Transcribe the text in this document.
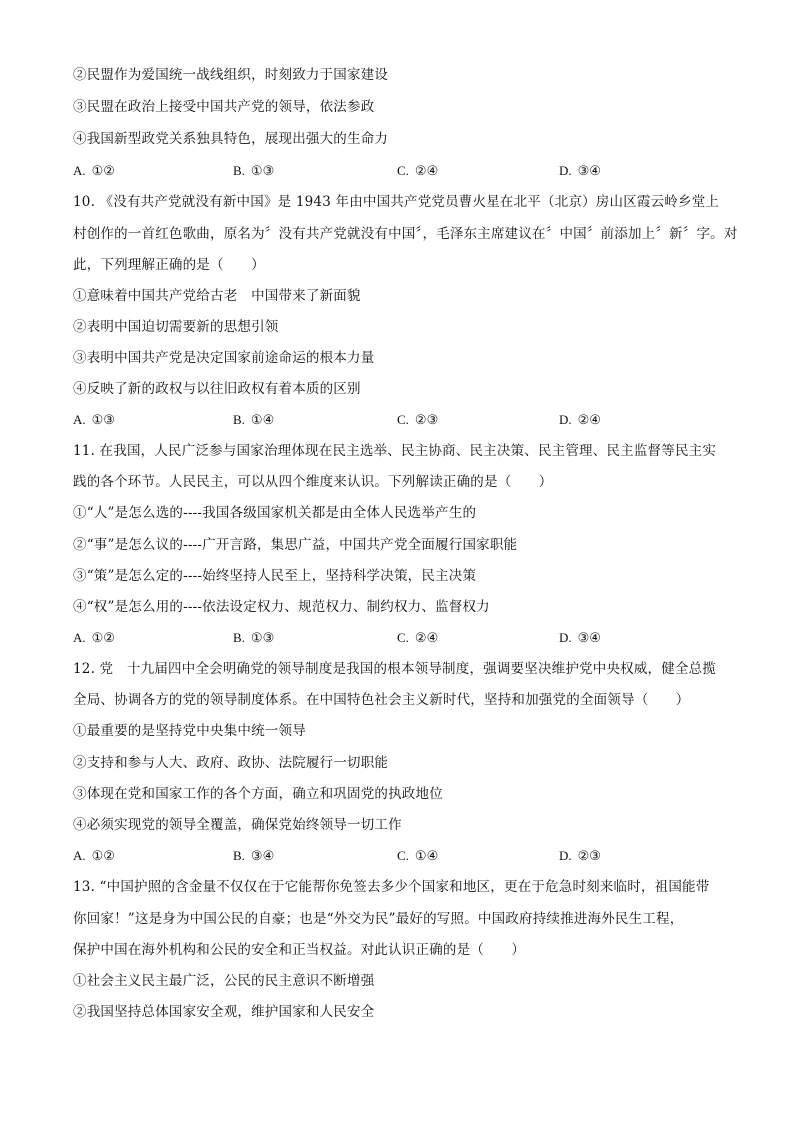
②民盟作为爱国统一战线组织，时刻致力于国家建设
③民盟在政治上接受中国共产党的领导，依法参政
④我国新型政党关系独具特色，展现出强大的生命力
A. ①②	B. ①③	C. ②④	D. ③④
10. 《没有共产党就没有新中国》是 1943 年由中国共产党党员曹火星在北平（北京）房山区霞云岭乡堂上
村创作的一首红色歌曲，原名为〞没有共产党就没有中国〞，毛泽东主席建议在〞中国〞前添加上〞新〞字。对
此，下列理解正确的是（　　）
①意味着中国共产党给古老　中国带来了新面貌
②表明中国迫切需要新的思想引领
③表明中国共产党是决定国家前途命运的根本力量
④反映了新的政权与以往旧政权有着本质的区别
A. ①③	B. ①④	C. ②③	D. ②④
11. 在我国，人民广泛参与国家治理体现在民主选举、民主协商、民主决策、民主管理、民主监督等民主实
践的各个环节。人民民主，可以从四个维度来认识。下列解读正确的是（　　）
①“人”是怎么选的----我国各级国家机关都是由全体人民选举产生的
②“事”是怎么议的----广开言路，集思广益，中国共产党全面履行国家职能
③“策”是怎么定的----始终坚持人民至上，坚持科学决策，民主决策
④“权”是怎么用的----依法设定权力、规范权力、制约权力、监督权力
A. ①②	B. ①③	C. ②④	D. ③④
12. 党　十九届四中全会明确党的领导制度是我国的根本领导制度，强调要坚决维护党中央权威，健全总揽
全局、协调各方的党的领导制度体系。在中国特色社会主义新时代，坚持和加强党的全面领导（　　）
①最重要的是坚持党中央集中统一领导
②支持和参与人大、政府、政协、法院履行一切职能
③体现在党和国家工作的各个方面，确立和巩固党的执政地位
④必须实现党的领导全覆盖，确保党始终领导一切工作
A. ①②	B. ③④	C. ①④	D. ②③
13. “中国护照的含金量不仅仅在于它能帮你免签去多少个国家和地区，更在于危急时刻来临时，祖国能带
你回家！”这是身为中国公民的自豪；也是“外交为民”最好的写照。中国政府持续推进海外民生工程，
保护中国在海外机构和公民的安全和正当权益。对此认识正确的是（　　）
①社会主义民主最广泛，公民的民主意识不断增强
②我国坚持总体国家安全观，维护国家和人民安全
